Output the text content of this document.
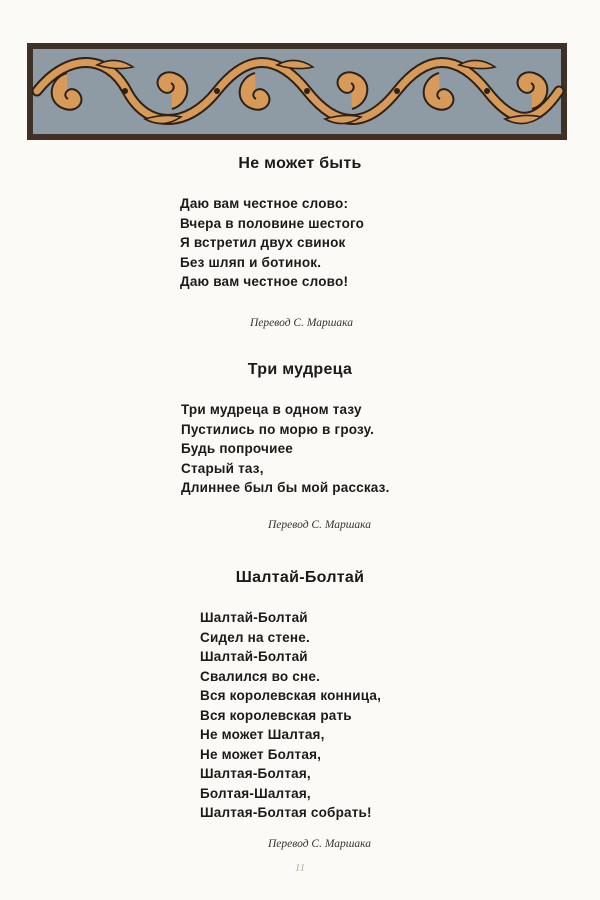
Не может быть
Даю вам честное слово:
Вчера в половине шестого
Я встретил двух свинок
Без шляп и ботинок.
Даю вам честное слово!
Перевод С. Маршака
Три мудреца
Три мудреца в одном тазу
Пустились по морю в грозу.
Будь попрочиее
Старый таз,
Длиннее был бы мой рассказ.
Перевод С. Маршака
Шалтай-Болтай
Шалтай-Болтай
Сидел на стене.
Шалтай-Болтай
Свалился во сне.
Вся королевская конница,
Вся королевская рать
Не может Шалтая,
Не может Болтая,
Шалтая-Болтая,
Болтая-Шалтая,
Шалтая-Болтая собрать!
Перевод С. Маршака
11
